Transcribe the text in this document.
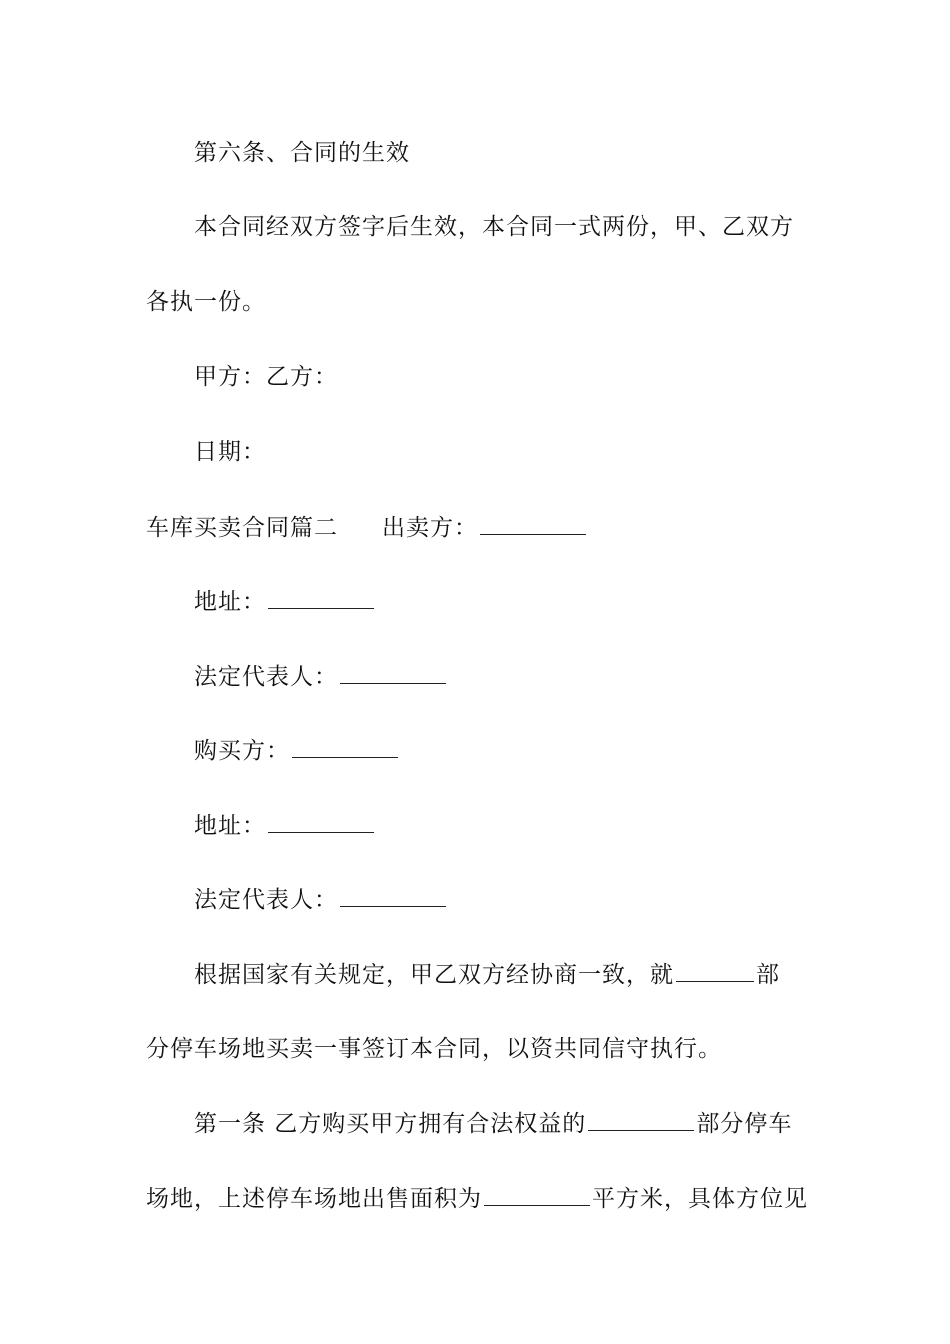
第六条、合同的生效
本合同经双方签字后生效，本合同一式两份，甲、乙双方
各执一份。
甲方：乙方：
日期：
车库买卖合同篇二 出卖方：
地址：
法定代表人：
购买方：
地址：
法定代表人：
根据国家有关规定，甲乙双方经协商一致，就	部
分停车场地买卖一事签订本合同，以资共同信守执行。
第一条 乙方购买甲方拥有合法权益的	部分停车
场地，上述停车场地出售面积为	平方米，具体方位见
